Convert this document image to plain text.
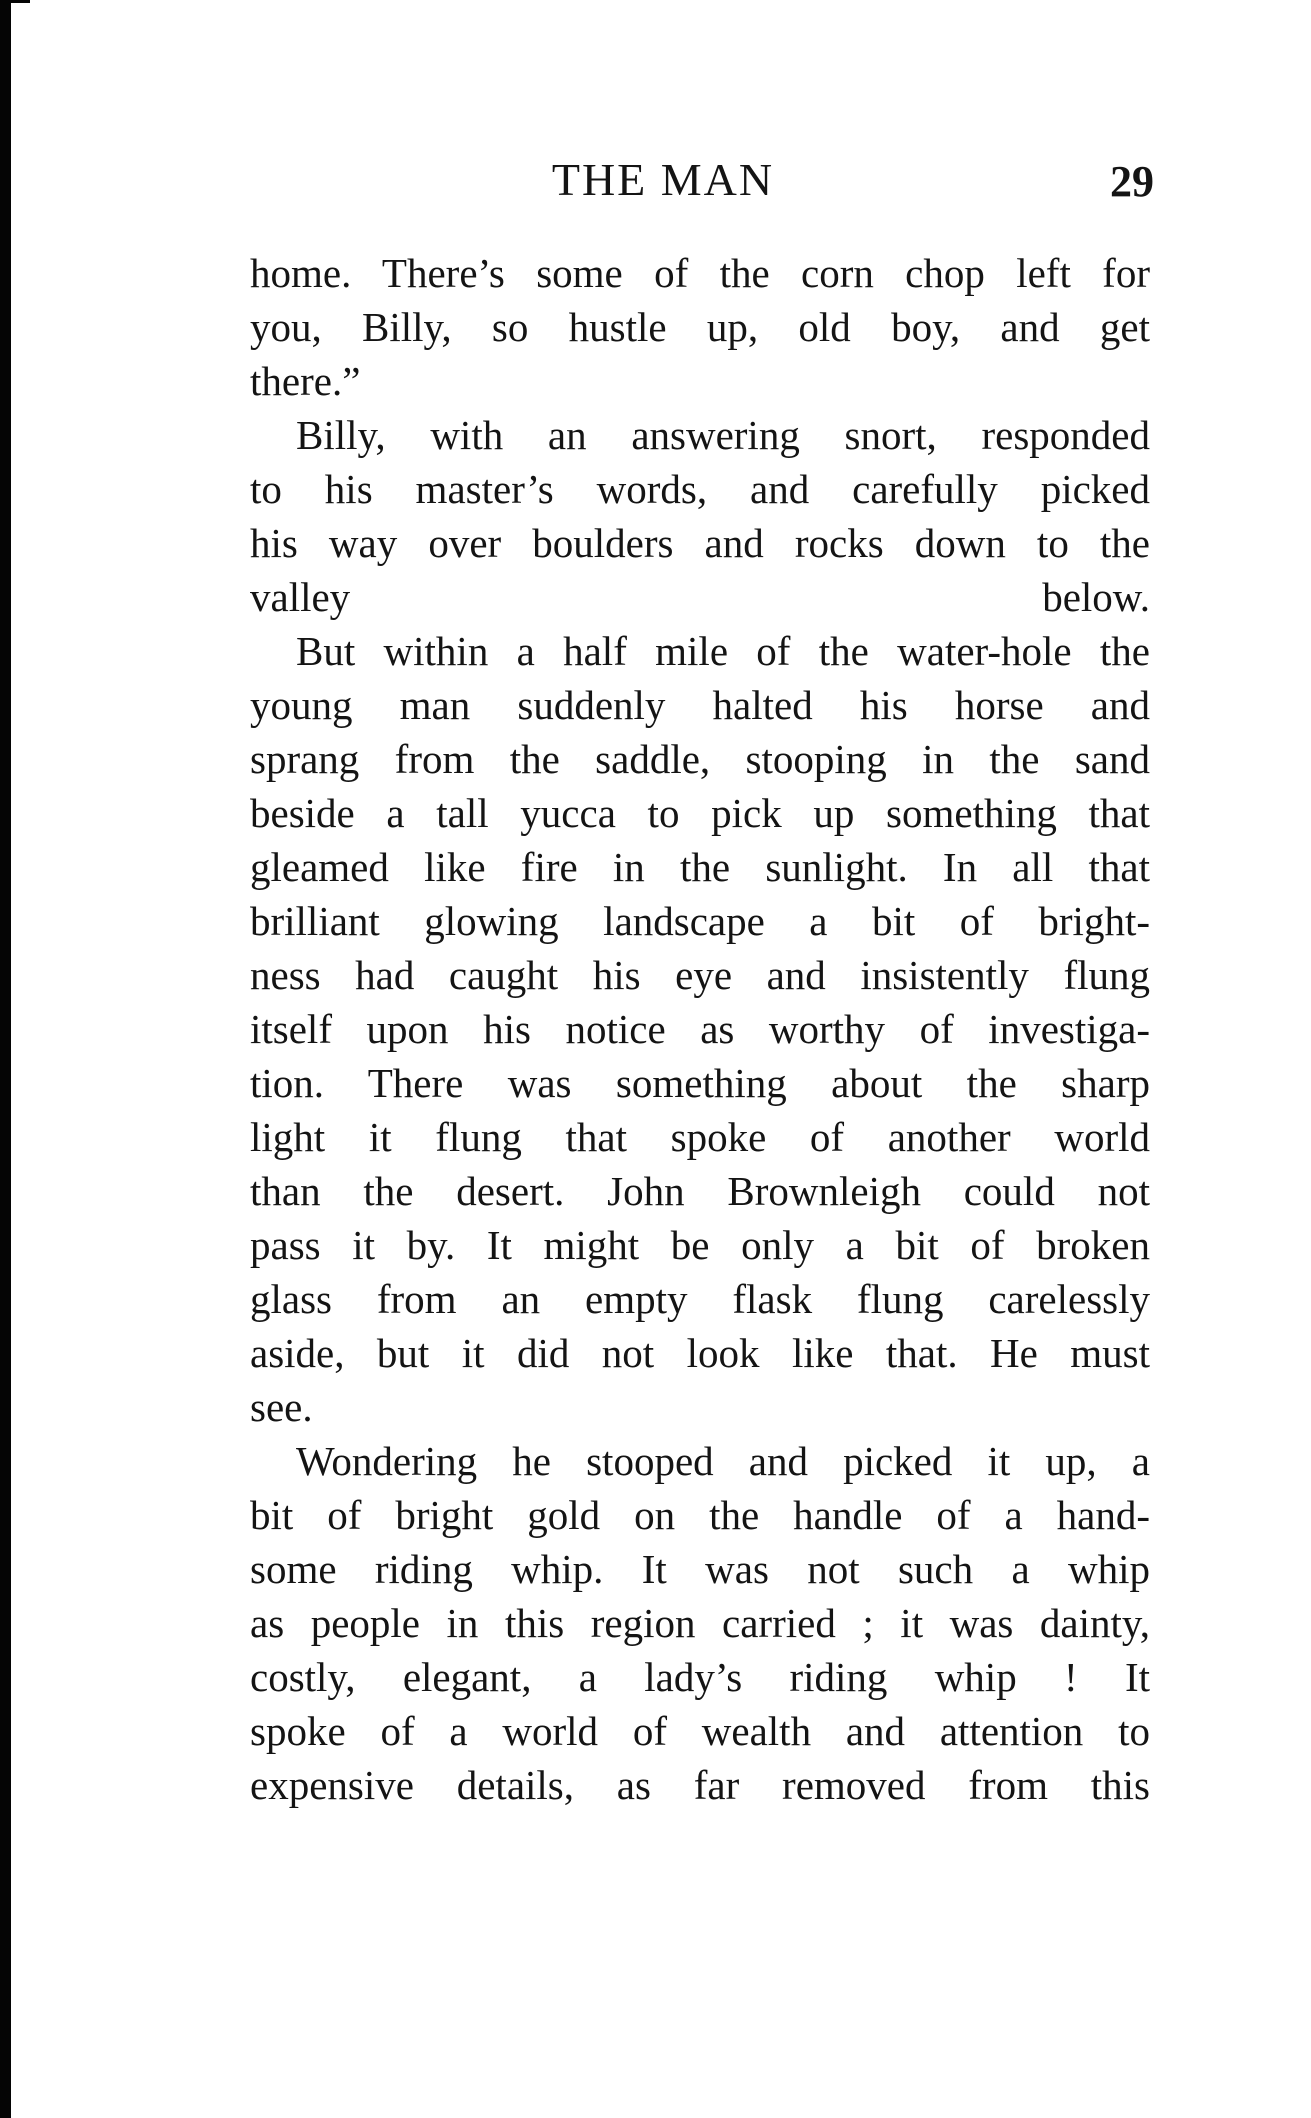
THE MAN	29

home. There’s some of the corn chop left for
you, Billy, so hustle up, old boy, and get
there.”

Billy, with an answering snort, responded
to his master’s words, and carefully picked
his way over boulders and rocks down to the
valley below.

But within a half mile of the water-hole the
young man suddenly halted his horse and
sprang from the saddle, stooping in the sand
beside a tall yucca to pick up something that
gleamed like fire in the sunlight. In all that
brilliant glowing landscape a bit of bright-
ness had caught his eye and insistently flung
itself upon his notice as worthy of investiga-
tion. There was something about the sharp
light it flung that spoke of another world
than the desert. John Brownleigh could not
pass it by. It might be only a bit of broken
glass from an empty flask flung carelessly
aside, but it did not look like that. He must
see.

Wondering he stooped and picked it up, a
bit of bright gold on the handle of a hand-
some riding whip. It was not such a whip
as people in this region carried ; it was dainty,
costly, elegant, a lady’s riding whip ! It
spoke of a world of wealth and attention to
expensive details, as far removed from this
